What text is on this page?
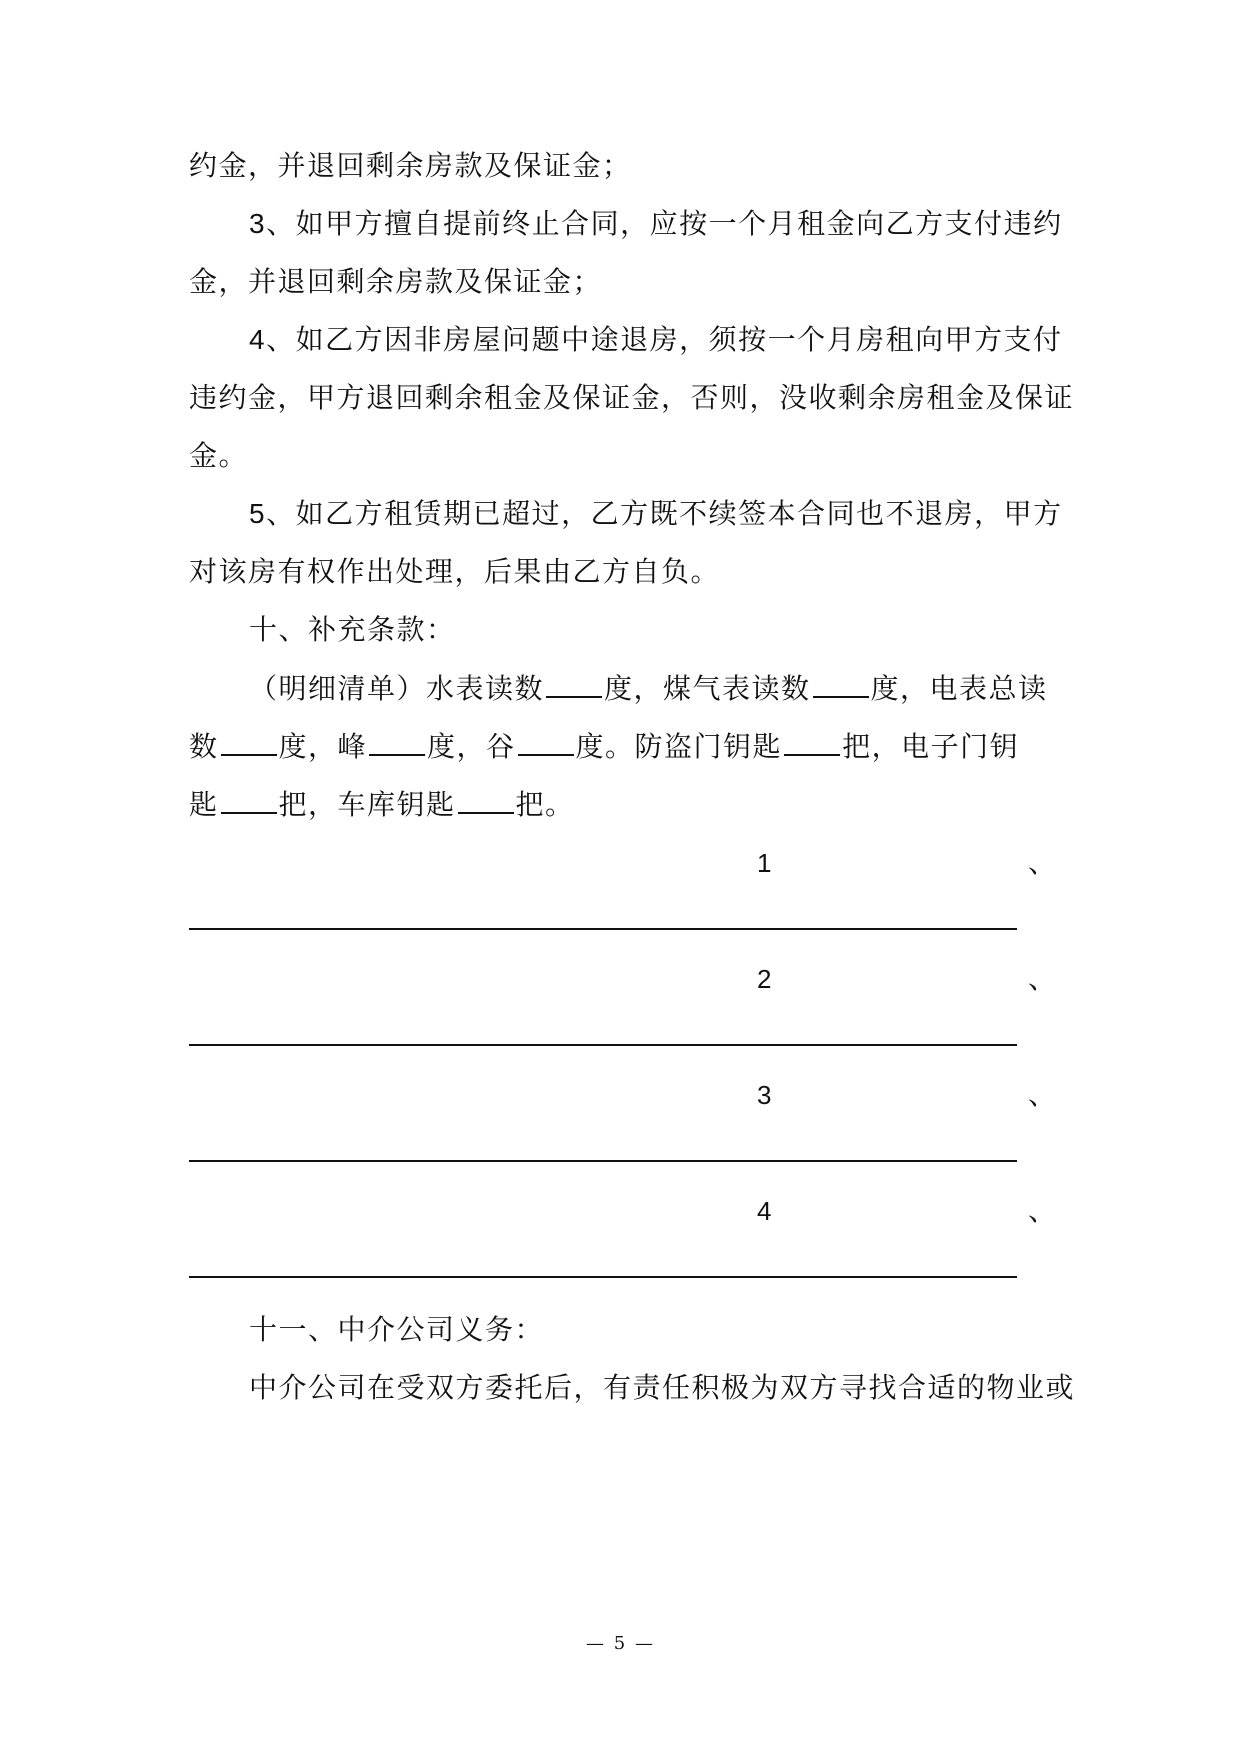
约金，并退回剩余房款及保证金；
3、如甲方擅自提前终止合同，应按一个月租金向乙方支付违约
金，并退回剩余房款及保证金；
4、如乙方因非房屋问题中途退房，须按一个月房租向甲方支付
违约金，甲方退回剩余租金及保证金，否则，没收剩余房租金及保证
金。
5、如乙方租赁期已超过，乙方既不续签本合同也不退房，甲方
对该房有权作出处理，后果由乙方自负。
十、补充条款：
（明细清单）水表读数 度，煤气表读数 度，电表总读
数 度，峰 度，谷 度。防盗门钥匙 把，电子门钥
匙 把，车库钥匙 把。
1	、
2	、
3	、
4	、
十一、中介公司义务：
中介公司在受双方委托后，有责任积极为双方寻找合适的物业或
— 5 —
